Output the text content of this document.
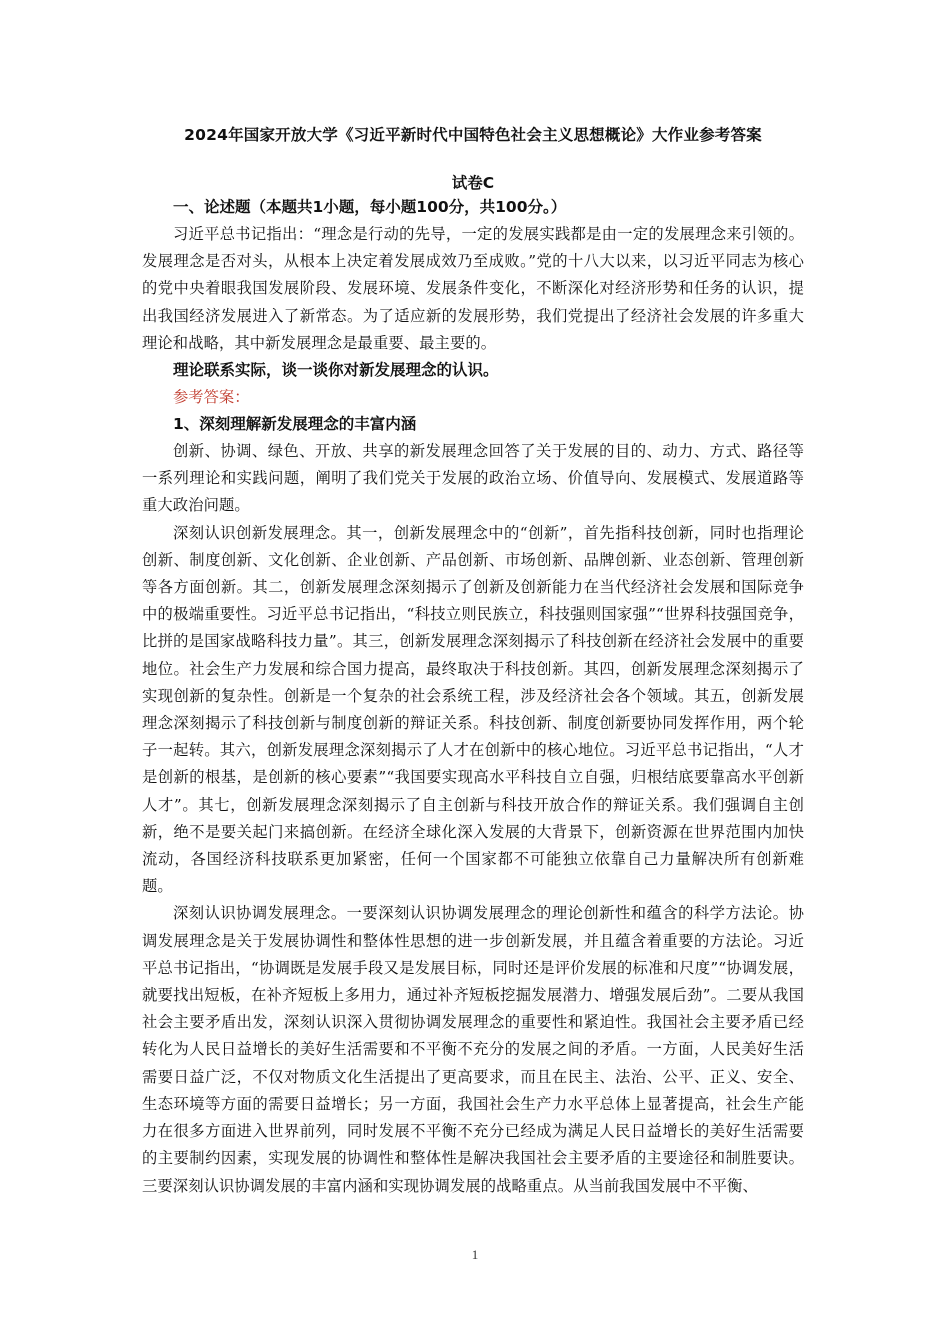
2024年国家开放大学《习近平新时代中国特色社会主义思想概论》大作业参考答案
试卷C
一、论述题（本题共1小题，每小题100分，共100分。）

习近平总书记指出：“理念是行动的先导，一定的发展实践都是由一定的发展理念来引领的。发展理念是否对头，从根本上决定着发展成效乃至成败。”党的十八大以来，以习近平同志为核心的党中央着眼我国发展阶段、发展环境、发展条件变化，不断深化对经济形势和任务的认识，提出我国经济发展进入了新常态。为了适应新的发展形势，我们党提出了经济社会发展的许多重大理论和战略，其中新发展理念是最重要、最主要的。

理论联系实际，谈一谈你对新发展理念的认识。
参考答案：
1、深刻理解新发展理念的丰富内涵

创新、协调、绿色、开放、共享的新发展理念回答了关于发展的目的、动力、方式、路径等一系列理论和实践问题，阐明了我们党关于发展的政治立场、价值导向、发展模式、发展道路等重大政治问题。

深刻认识创新发展理念。其一，创新发展理念中的“创新”，首先指科技创新，同时也指理论创新、制度创新、文化创新、企业创新、产品创新、市场创新、品牌创新、业态创新、管理创新等各方面创新。其二，创新发展理念深刻揭示了创新及创新能力在当代经济社会发展和国际竞争中的极端重要性。习近平总书记指出，“科技立则民族立，科技强则国家强”“世界科技强国竞争，比拼的是国家战略科技力量”。其三，创新发展理念深刻揭示了科技创新在经济社会发展中的重要地位。社会生产力发展和综合国力提高，最终取决于科技创新。其四，创新发展理念深刻揭示了实现创新的复杂性。创新是一个复杂的社会系统工程，涉及经济社会各个领域。其五，创新发展理念深刻揭示了科技创新与制度创新的辩证关系。科技创新、制度创新要协同发挥作用，两个轮子一起转。其六，创新发展理念深刻揭示了人才在创新中的核心地位。习近平总书记指出，“人才是创新的根基，是创新的核心要素”“我国要实现高水平科技自立自强，归根结底要靠高水平创新人才”。其七，创新发展理念深刻揭示了自主创新与科技开放合作的辩证关系。我们强调自主创新，绝不是要关起门来搞创新。在经济全球化深入发展的大背景下，创新资源在世界范围内加快流动，各国经济科技联系更加紧密，任何一个国家都不可能独立依靠自己力量解决所有创新难题。

深刻认识协调发展理念。一要深刻认识协调发展理念的理论创新性和蕴含的科学方法论。协调发展理念是关于发展协调性和整体性思想的进一步创新发展，并且蕴含着重要的方法论。习近平总书记指出，“协调既是发展手段又是发展目标，同时还是评价发展的标准和尺度”“协调发展，就要找出短板，在补齐短板上多用力，通过补齐短板挖掘发展潜力、增强发展后劲”。二要从我国社会主要矛盾出发，深刻认识深入贯彻协调发展理念的重要性和紧迫性。我国社会主要矛盾已经转化为人民日益增长的美好生活需要和不平衡不充分的发展之间的矛盾。一方面，人民美好生活需要日益广泛，不仅对物质文化生活提出了更高要求，而且在民主、法治、公平、正义、安全、生态环境等方面的需要日益增长；另一方面，我国社会生产力水平总体上显著提高，社会生产能力在很多方面进入世界前列，同时发展不平衡不充分已经成为满足人民日益增长的美好生活需要的主要制约因素，实现发展的协调性和整体性是解决我国社会主要矛盾的主要途径和制胜要诀。三要深刻认识协调发展的丰富内涵和实现协调发展的战略重点。从当前我国发展中不平衡、

1
